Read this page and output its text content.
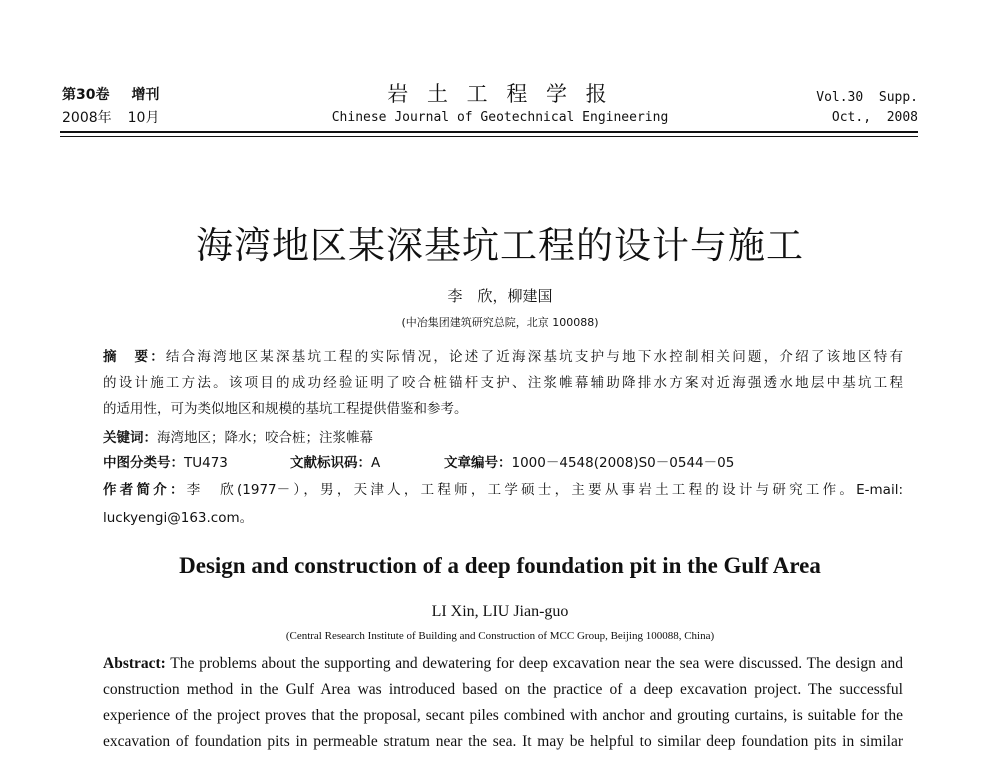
第30卷 增刊
2008年 10月
岩 土 工 程 学 报
Chinese Journal of Geotechnical Engineering
Vol.30  Supp.
Oct.,  2008
海湾地区某深基坑工程的设计与施工
李　欣，柳建国
(中冶集团建筑研究总院，北京 100088)
摘　要：结合海湾地区某深基坑工程的实际情况，论述了近海深基坑支护与地下水控制相关问题，介绍了该地区特有
的设计施工方法。该项目的成功经验证明了咬合桩锚杆支护、注浆帷幕辅助降排水方案对近海强透水地层中基坑工程
的适用性，可为类似地区和规模的基坑工程提供借鉴和参考。
关键词：海湾地区；降水；咬合桩；注浆帷幕
中图分类号：TU473	文献标识码：A	文章编号：1000－4548(2008)S0－0544－05
作者简介：李　欣(1977－），男，天津人，工程师，工学硕士，主要从事岩土工程的设计与研究工作。E-mail:
luckyengi@163.com。
Design and construction of a deep foundation pit in the Gulf Area
LI Xin, LIU Jian-guo
(Central Research Institute of Building and Construction of MCC Group, Beijing 100088, China)
Abstract: The problems about the supporting and dewatering for deep excavation near the sea were discussed. The design and
construction method in the Gulf Area was introduced based on the practice of a deep excavation project. The successful
experience of the project proves that the proposal, secant piles combined with anchor and grouting curtains, is suitable for the
excavation of foundation pits in permeable stratum near the sea. It may be helpful to similar deep foundation pits in similar
